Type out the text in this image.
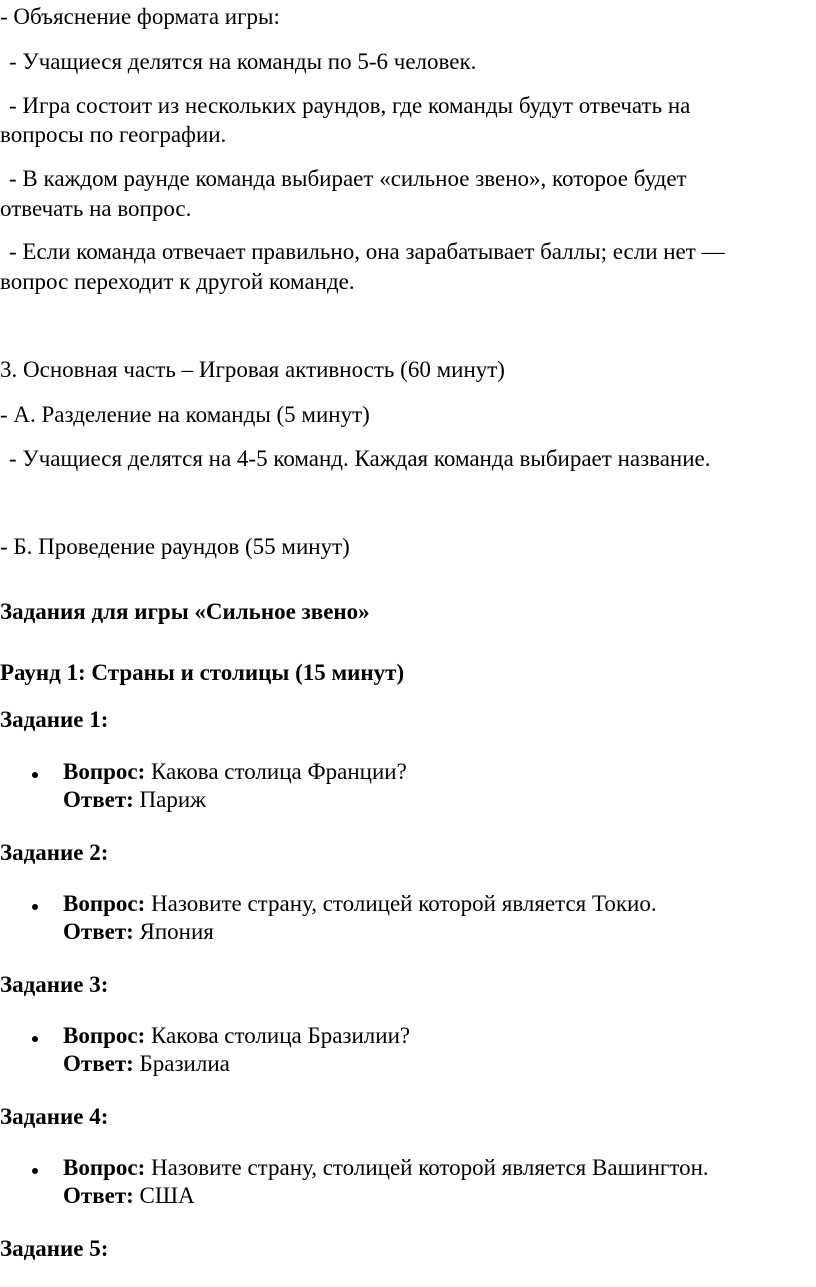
- Объяснение формата игры:

- Учащиеся делятся на команды по 5-6 человек.

- Игра состоит из нескольких раундов, где команды будут отвечать на

вопросы по географии.

- В каждом раунде команда выбирает «сильное звено», которое будет

отвечать на вопрос.

- Если команда отвечает правильно, она зарабатывает баллы; если нет —

вопрос переходит к другой команде.

3. Основная часть – Игровая активность (60 минут)

- А. Разделение на команды (5 минут)

- Учащиеся делятся на 4-5 команд. Каждая команда выбирает название.

- Б. Проведение раундов (55 минут)

Задания для игры «Сильное звено»

Раунд 1: Страны и столицы (15 минут)

Задание 1:

Вопрос: Какова столица Франции?

Ответ: Париж

Задание 2:

Вопрос: Назовите страну, столицей которой является Токио.

Ответ: Япония

Задание 3:

Вопрос: Какова столица Бразилии?

Ответ: Бразилиа

Задание 4:

Вопрос: Назовите страну, столицей которой является Вашингтон.

Ответ: США

Задание 5:
